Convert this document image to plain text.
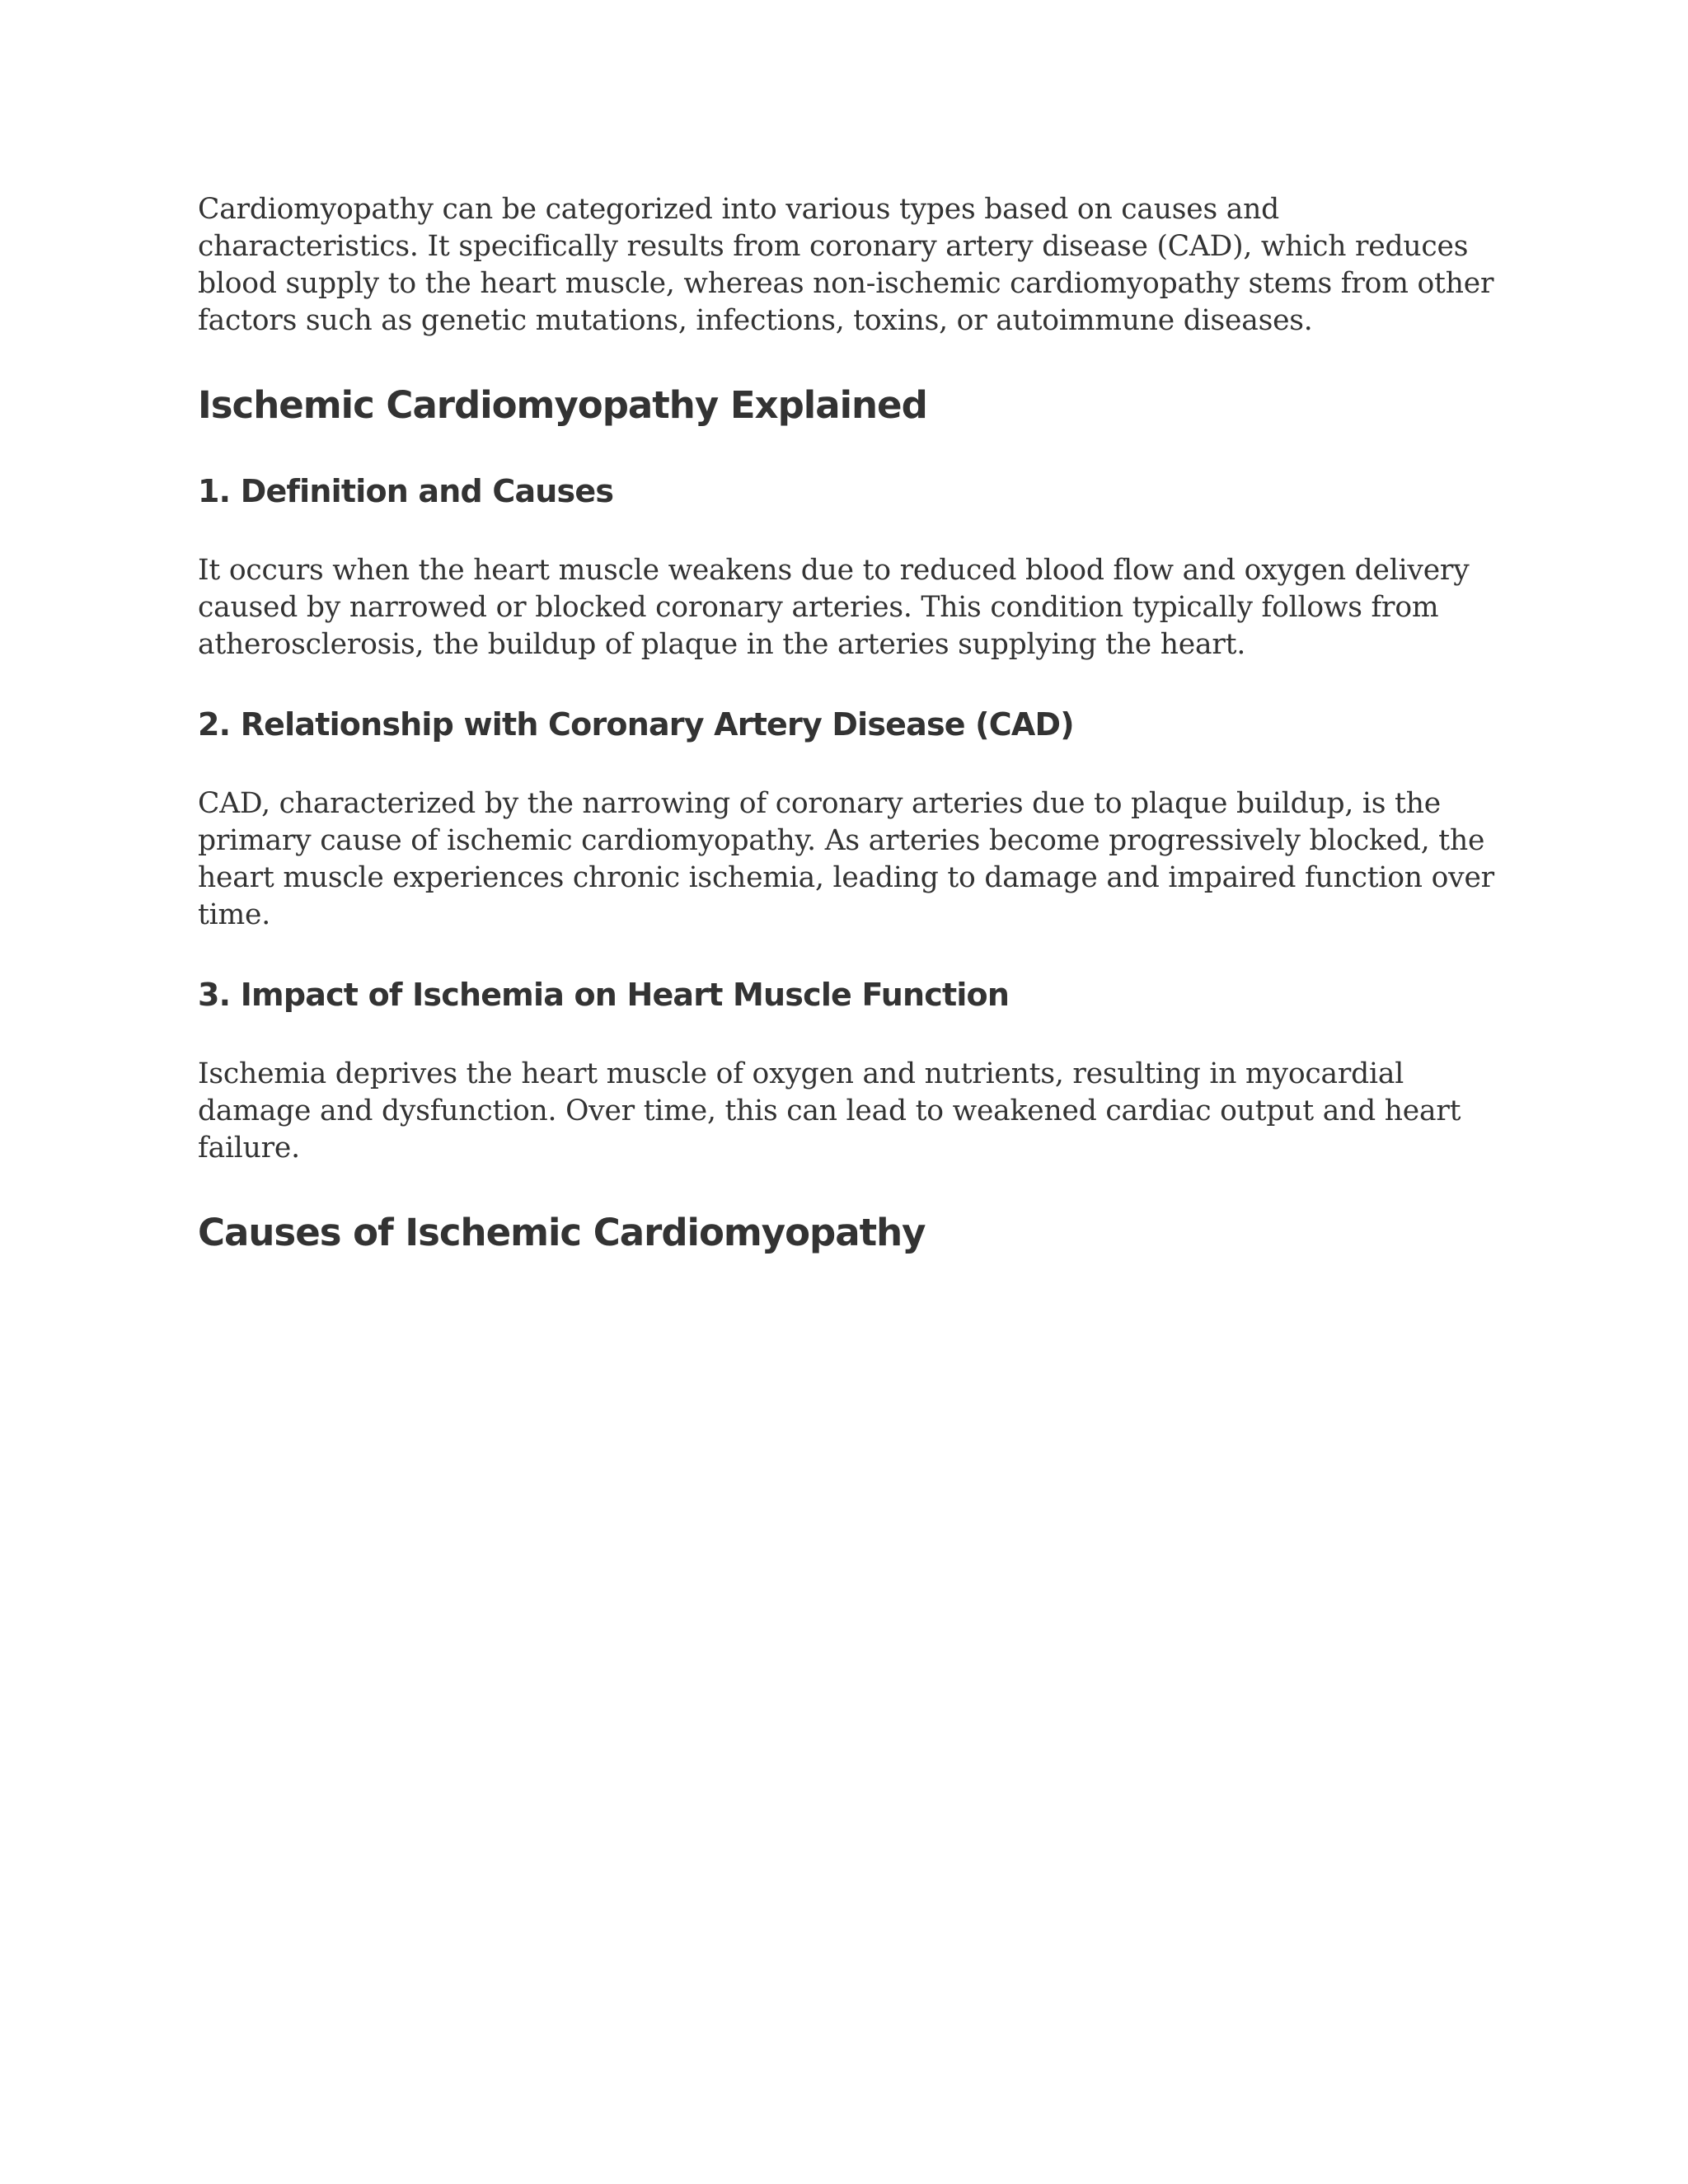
Cardiomyopathy can be categorized into various types based on causes and characteristics. It specifically results from coronary artery disease (CAD), which reduces blood supply to the heart muscle, whereas non-ischemic cardiomyopathy stems from other factors such as genetic mutations, infections, toxins, or autoimmune diseases.

Ischemic Cardiomyopathy Explained
1. Definition and Causes

It occurs when the heart muscle weakens due to reduced blood flow and oxygen delivery caused by narrowed or blocked coronary arteries. This condition typically follows from atherosclerosis, the buildup of plaque in the arteries supplying the heart.

2. Relationship with Coronary Artery Disease (CAD)

CAD, characterized by the narrowing of coronary arteries due to plaque buildup, is the primary cause of ischemic cardiomyopathy. As arteries become progressively blocked, the heart muscle experiences chronic ischemia, leading to damage and impaired function over time.

3. Impact of Ischemia on Heart Muscle Function

Ischemia deprives the heart muscle of oxygen and nutrients, resulting in myocardial damage and dysfunction. Over time, this can lead to weakened cardiac output and heart failure.

Causes of Ischemic Cardiomyopathy
